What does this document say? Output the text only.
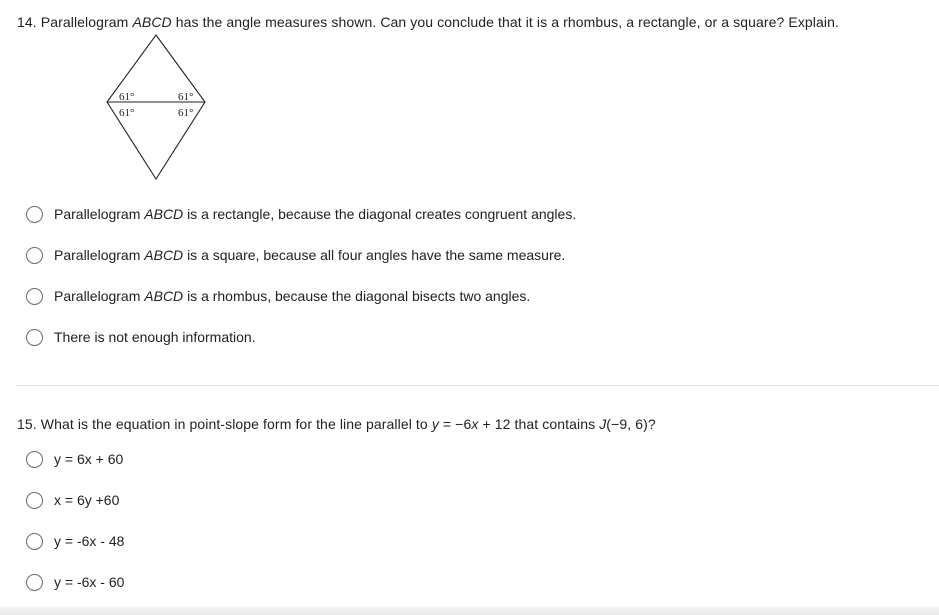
14. Parallelogram ABCD has the angle measures shown. Can you conclude that it is a rhombus, a rectangle, or a square? Explain.
61°	61°
61°	61°
Parallelogram ABCD is a rectangle, because the diagonal creates congruent angles.
Parallelogram ABCD is a square, because all four angles have the same measure.
Parallelogram ABCD is a rhombus, because the diagonal bisects two angles.
There is not enough information.
15. What is the equation in point-slope form for the line parallel to y = −6x + 12 that contains J(−9, 6)?
y = 6x + 60
x = 6y +60
y = -6x - 48
y = -6x - 60
